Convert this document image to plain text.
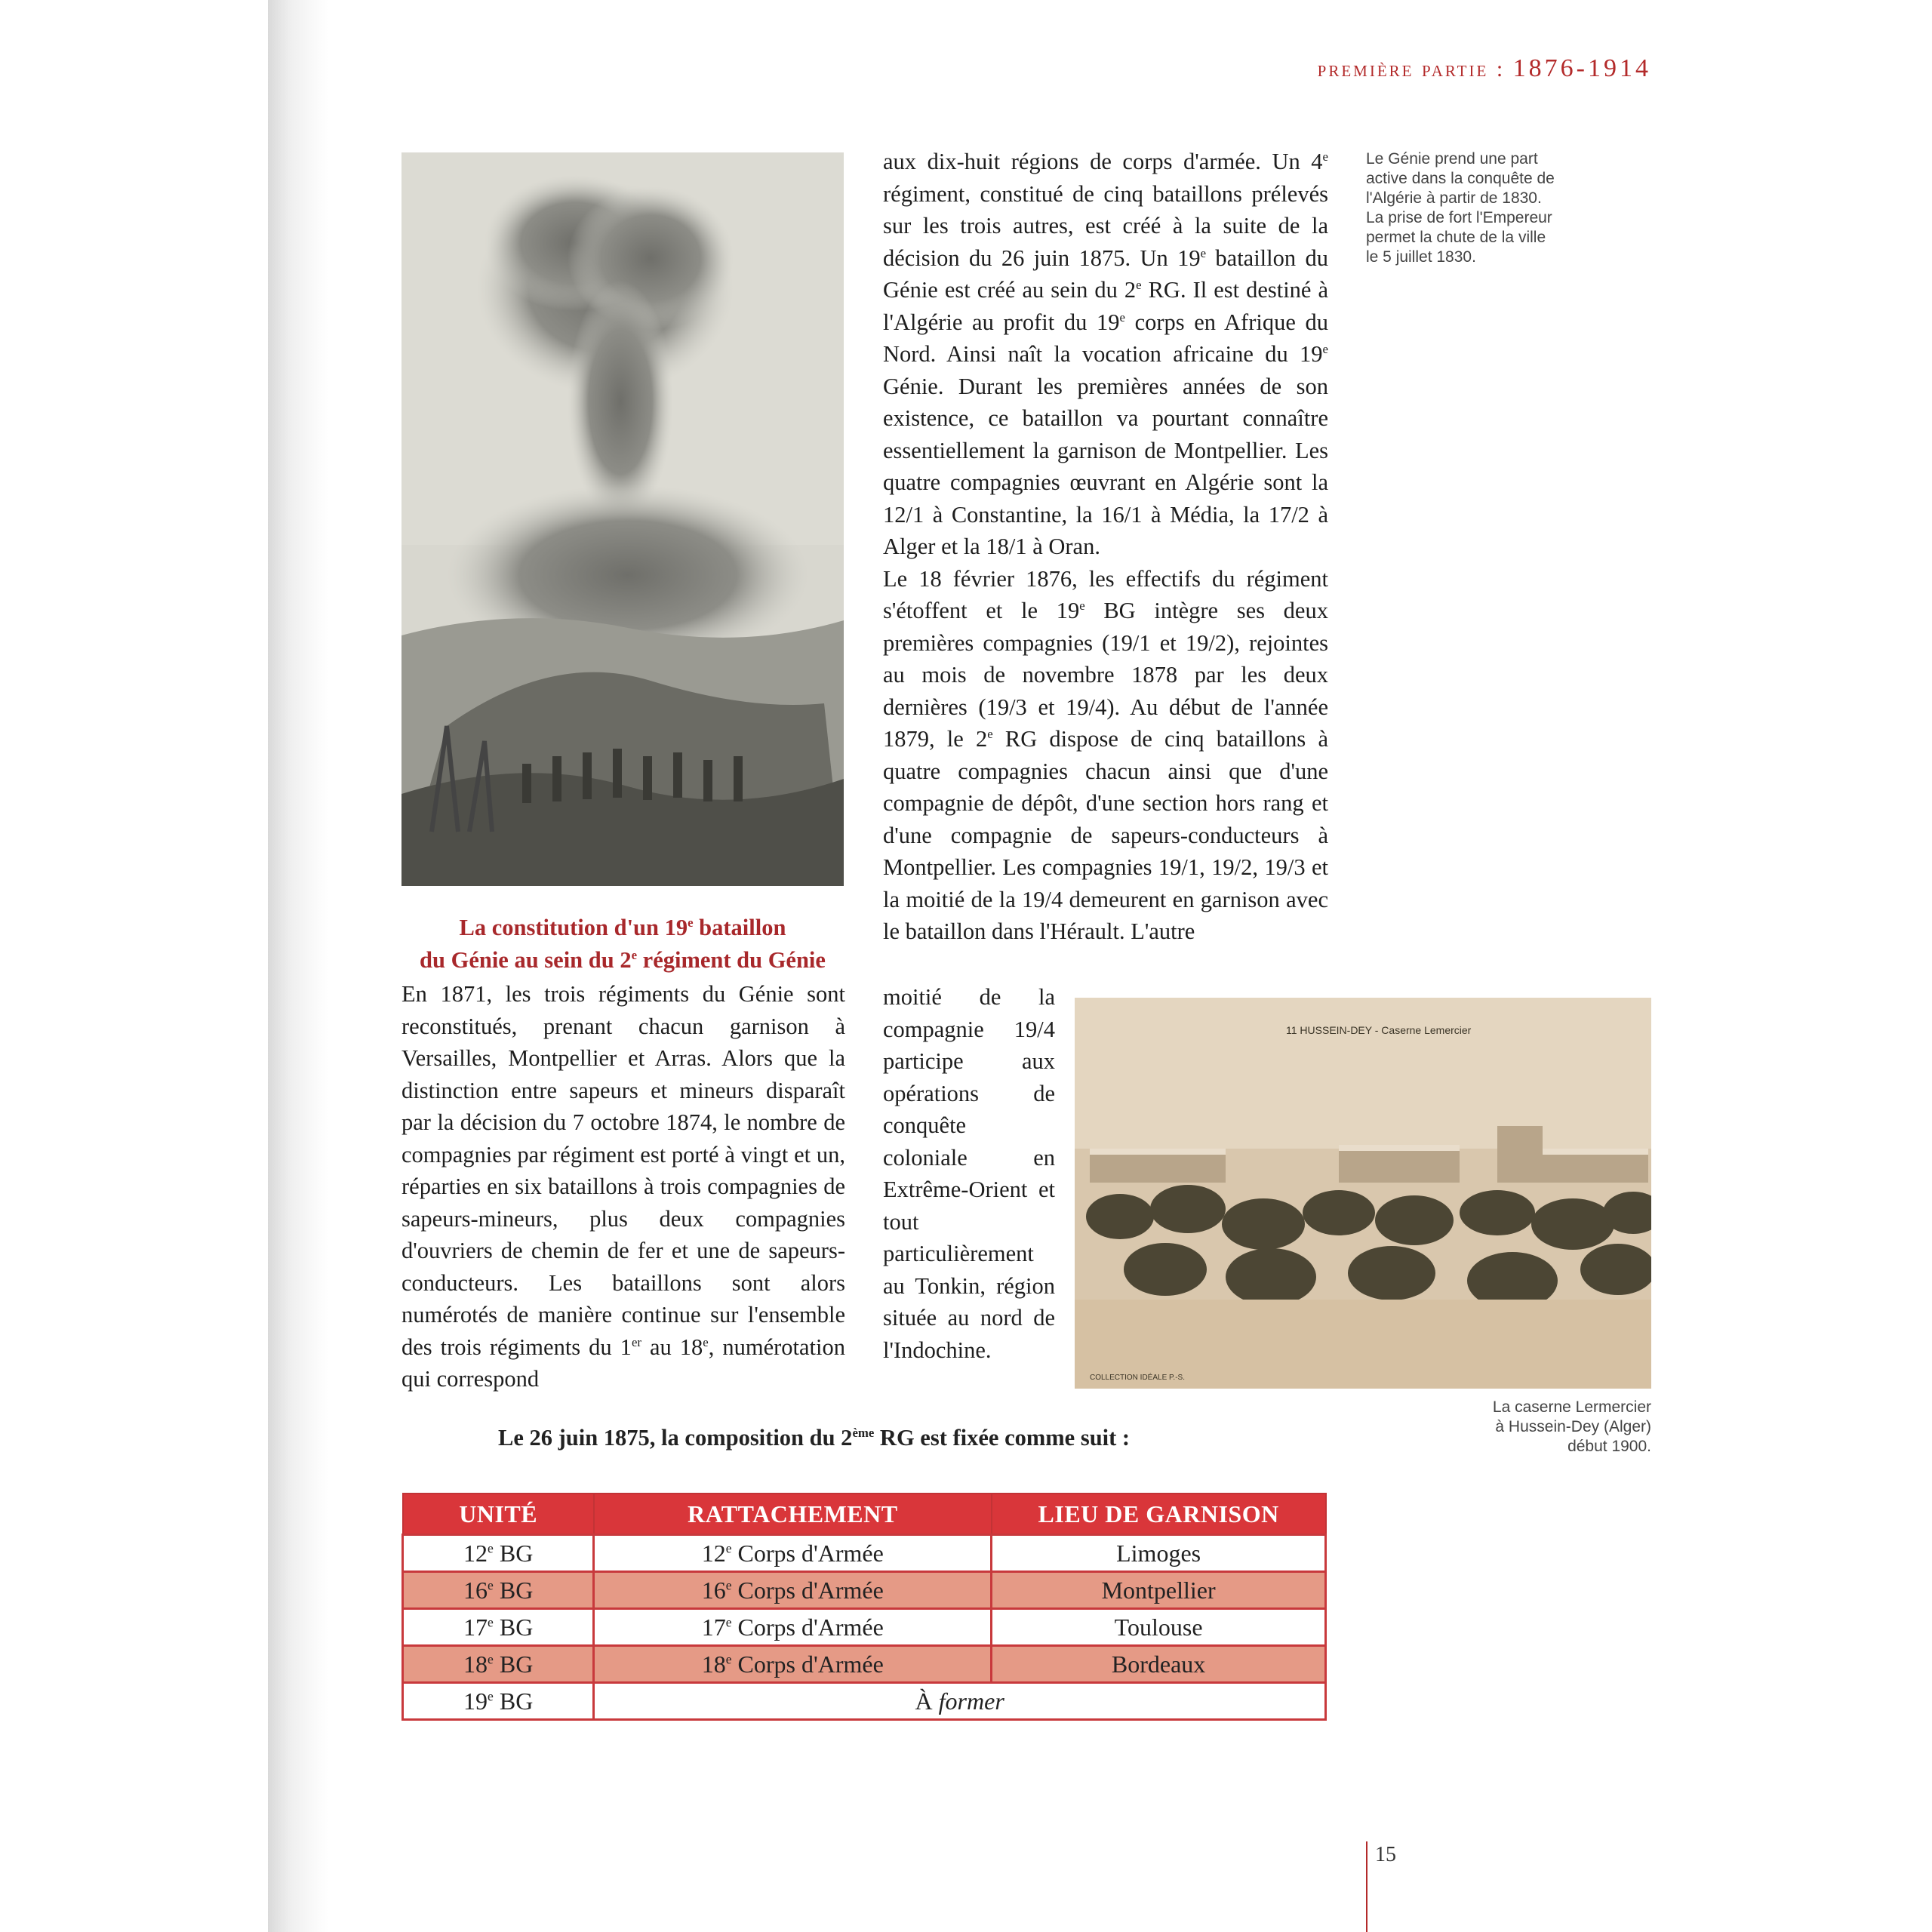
première partie : 1876-1914
Le Génie prend une part
active dans la conquête de
l'Algérie à partir de 1830.
La prise de fort l'Empereur
permet la chute de la ville
le 5 juillet 1830.

aux dix-huit régions de corps d'armée. Un 4e régiment, constitué de cinq bataillons prélevés sur les trois autres, est créé à la suite de la décision du 26 juin 1875. Un 19e bataillon du Génie est créé au sein du 2e RG. Il est destiné à l'Algérie au profit du 19e corps en Afrique du Nord. Ainsi naît la vocation africaine du 19e Génie. Durant les premières années de son existence, ce bataillon va pourtant connaître essentiellement la garnison de Montpellier. Les quatre compagnies œuvrant en Algérie sont la 12/1 à Constantine, la 16/1 à Média, la 17/2 à Alger et la 18/1 à Oran.

Le 18 février 1876, les effectifs du régiment s'étoffent et le 19e BG intègre ses deux premières compagnies (19/1 et 19/2), rejointes au mois de novembre 1878 par les deux dernières (19/3 et 19/4). Au début de l'année 1879, le 2e RG dispose de cinq bataillons à quatre compagnies chacun ainsi que d'une compagnie de dépôt, d'une section hors rang et d'une compagnie de sapeurs-conducteurs à Montpellier. Les compagnies 19/1, 19/2, 19/3 et la moitié de la 19/4 demeurent en garnison avec le bataillon dans l'Hérault. L'autre

moitié de la compagnie 19/4 participe aux opérations de conquête coloniale en Extrême-Orient et tout particulièrement au Tonkin, région située au nord de l'Indochine.

11 HUSSEIN-DEY - Caserne Lemercier
COLLECTION IDÉALE P.-S.
La constitution d'un 19e bataillon
du Génie au sein du 2e régiment du Génie

En 1871, les trois régiments du Génie sont reconstitués, prenant chacun garnison à Versailles, Montpellier et Arras. Alors que la distinction entre sapeurs et mineurs disparaît par la décision du 7 octobre 1874, le nombre de compagnies par régiment est porté à vingt et un, réparties en six bataillons à trois compagnies de sapeurs-mineurs, plus deux compagnies d'ouvriers de chemin de fer et une de sapeurs-conducteurs. Les bataillons sont alors numérotés de manière continue sur l'ensemble des trois régiments du 1er au 18e, numérotation qui correspond

La caserne Lermercier
à Hussein-Dey (Alger)
début 1900.
Le 26 juin 1875, la composition du 2ème RG est fixée comme suit :
UNITÉ	RATTACHEMENT	LIEU DE GARNISON
12e BG	12e Corps d'Armée	Limoges
16e BG	16e Corps d'Armée	Montpellier
17e BG	17e Corps d'Armée	Toulouse
18e BG	18e Corps d'Armée	Bordeaux
19e BG	À former	
15
